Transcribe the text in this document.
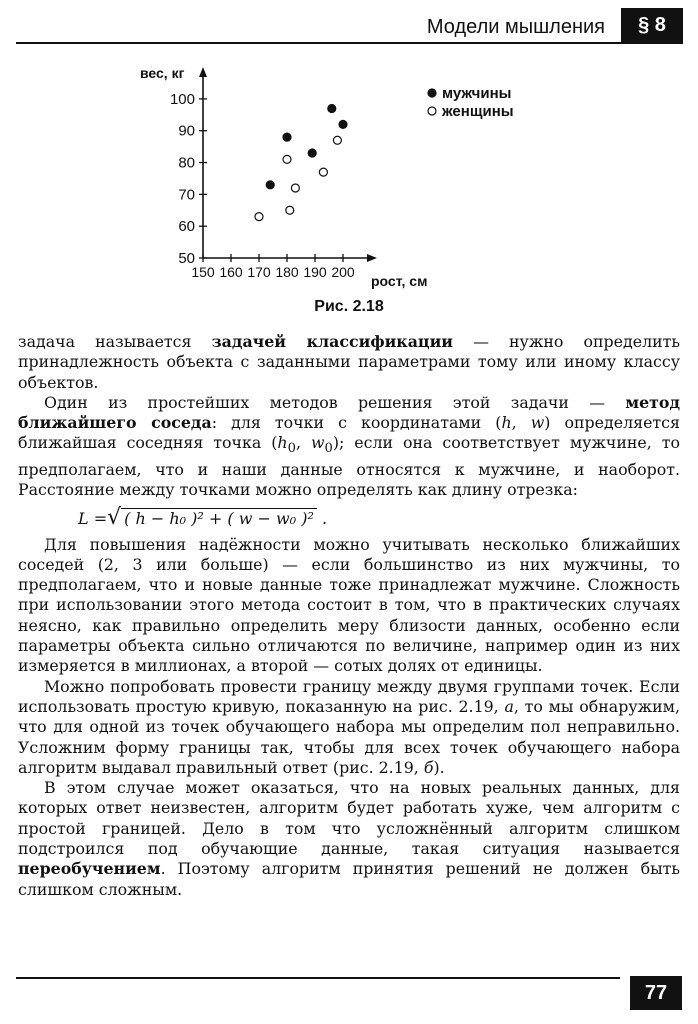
Модели мышления	§ 8
50
60
70
80
90
100
150 160 170 180 190 200
вес, кг
рост, см
мужчины
женщины
Рис. 2.18

задача называется задачей классификации — нужно определить принадлежность объекта с заданными параметрами тому или иному классу объектов.

Один из простейших методов решения этой задачи — метод ближайшего соседа: для точки с координатами (h, w) определяется ближайшая соседняя точка ($h_0$, $w_0$); если она соответствует мужчине, то предполагаем, что и наши данные относятся к мужчине, и наоборот. Расстояние между точками можно определять как длину отрезка:

L =√ ( h − h₀ )² + ( w − w₀ )² .

Для повышения надёжности можно учитывать несколько ближайших соседей (2, 3 или больше) — если большинство из них мужчины, то предполагаем, что и новые данные тоже принадлежат мужчине. Сложность при использовании этого метода состоит в том, что в практических случаях неясно, как правильно определить меру близости данных, особенно если параметры объекта сильно отличаются по величине, например один из них измеряется в миллионах, а второй — сотых долях от единицы.

Можно попробовать провести границу между двумя группами точек. Если использовать простую кривую, показанную на рис. 2.19, а, то мы обнаружим, что для одной из точек обучающего набора мы определим пол неправильно. Усложним форму границы так, чтобы для всех точек обучающего набора алгоритм выдавал правильный ответ (рис. 2.19, б).

В этом случае может оказаться, что на новых реальных данных, для которых ответ неизвестен, алгоритм будет работать хуже, чем алгоритм с простой границей. Дело в том что усложнённый алгоритм слишком подстроился под обучающие данные, такая ситуация называется переобучением. Поэтому алгоритм принятия решений не должен быть слишком сложным.

77
